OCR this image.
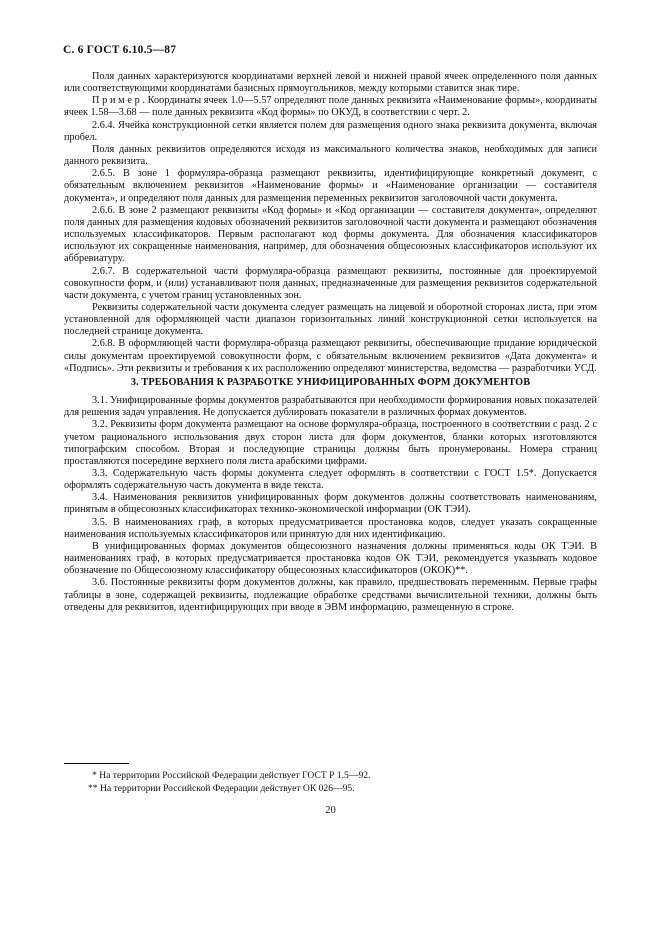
С. 6 ГОСТ 6.10.5—87

Поля данных характеризуются координатами верхней левой и нижней правой ячеек определенного поля данных или соответствующими координатами базисных прямоугольников, между которыми ставится знак тире.

П р и м е р . Координаты ячеек 1.0—5.57 определяют поле данных реквизита «Наименование формы», координаты ячеек 1.58—3.68 — поле данных реквизита «Код формы» по ОКУД, в соответствии с черт. 2.

2.6.4. Ячейка конструкционной сетки является полем для размещения одного знака реквизита документа, включая пробел.

Поля данных реквизитов определяются исходя из максимального количества знаков, необходимых для записи данного реквизита.

2.6.5. В зоне 1 формуляра-образца размещают реквизиты, идентифицирующие конкретный документ, с обязательным включением реквизитов «Наименование формы» и «Наименование организации — составителя документа», и определяют поля данных для размещения переменных реквизитов заголовочной части документа.

2.6.6. В зоне 2 размещают реквизиты «Код формы» и «Код организации — составителя документа», определяют поля данных для размещения кодовых обозначений реквизитов заголовочной части документа и размещают обозначения используемых классификаторов. Первым располагают код формы документа. Для обозначения классификаторов используют их сокращенные наименования, например, для обозначения общесоюзных классификаторов используют их аббревиатуру.

2.6.7. В содержательной части формуляра-образца размещают реквизиты, постоянные для проектируемой совокупности форм, и (или) устанавливают поля данных, предназначенные для размещения реквизитов содержательной части документа, с учетом границ установленных зон.

Реквизиты содержательной части документа следует размещать на лицевой и оборотной сторонах листа, при этом установленной для оформляющей части диапазон горизонтальных линий конструкционной сетки используется на последней странице документа.

2.6.8. В оформляющей части формуляра-образца размещают реквизиты, обеспечивающие придание юридической силы документам проектируемой совокупности форм, с обязательным включением реквизитов «Дата документа» и «Подпись». Эти реквизиты и требования к их расположению определяют министерства, ведомства — разработчики УСД.

3. ТРЕБОВАНИЯ К РАЗРАБОТКЕ УНИФИЦИРОВАННЫХ ФОРМ ДОКУМЕНТОВ

3.1. Унифицированные формы документов разрабатываются при необходимости формирования новых показателей для решения задач управления. Не допускается дублировать показатели в различных формах документов.

3.2. Реквизиты форм документа размещают на основе формуляра-образца, построенного в соответствии с разд. 2 с учетом рационального использования двух сторон листа для форм документов, бланки которых изготовляются типографским способом. Вторая и последующие страницы должны быть пронумерованы. Номера страниц проставляются посередине верхнего поля листа арабскими цифрами.

3.3. Содержательную часть формы документа следует оформлять в соответствии с ГОСТ 1.5*. Допускается оформлять содержательную часть документа в виде текста.

3.4. Наименования реквизитов унифицированных форм документов должны соответствовать наименованиям, принятым в общесоюзных классификаторах технико-экономической информации (ОК ТЭИ).

3.5. В наименованиях граф, в которых предусматривается простановка кодов, следует указать сокращенные наименования используемых классификаторов или принятую для них идентификацию.

В унифицированных формах документов общесоюзного назначения должны применяться коды ОК ТЭИ. В наименованиях граф, в которых предусматривается простановка кодов ОК ТЭИ, рекомендуется указывать кодовое обозначение по Общесоюзному классификатору общесоюзных классификаторов (ОКОК)**.

3.6. Постоянные реквизиты форм документов должны, как правило, предшествовать переменным. Первые графы таблицы в зоне, содержащей реквизиты, подлежащие обработке средствами вычислительной техники, должны быть отведены для реквизитов, идентифицирующих при вводе в ЭВМ информацию, размещенную в строке.

* На территории Российской Федерации действует ГОСТ Р 1.5—92.

** На территории Российской Федерации действует ОК 026—95.

20
